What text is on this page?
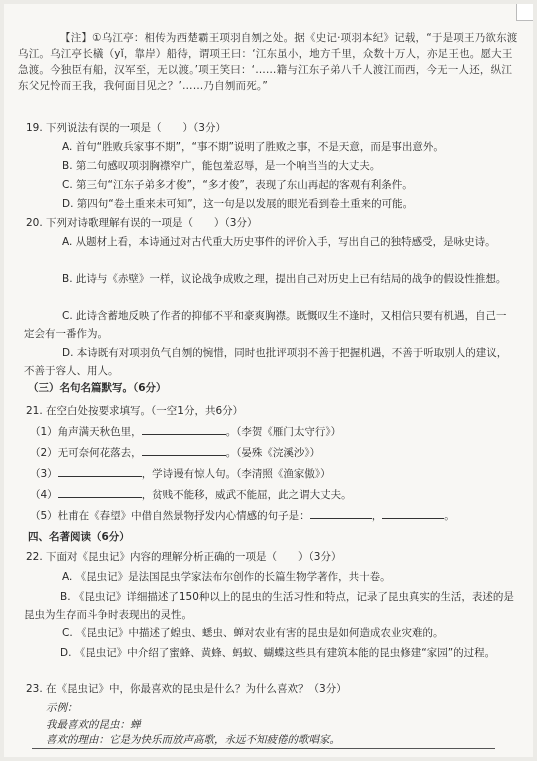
【注】①乌江亭：相传为西楚霸王项羽自刎之处。据《史记·项羽本纪》记载，“于是项王乃欲东渡乌江。乌江亭长檥（yǐ，靠岸）船待，谓项王曰：‘江东虽小，地方千里，众数十万人，亦足王也。愿大王急渡。今独臣有船，汉军至，无以渡。’项王笑曰：‘……籍与江东子弟八千人渡江而西，今无一人还，纵江东父兄怜而王我，我何面目见之？’……乃自刎而死。”
19. 下列说法有误的一项是（　　）（3分）
A. 首句“胜败兵家事不期”，“事不期”说明了胜败之事，不是天意，而是事出意外。
B. 第二句感叹项羽胸襟窄广，能包羞忍辱，是一个响当当的大丈夫。
C. 第三句“江东子弟多才俊”，“多才俊”，表现了东山再起的客观有利条件。
D. 第四句“卷土重来未可知”，这一句是以发展的眼光看到卷土重来的可能。
20. 下列对诗歌理解有误的一项是（　　）（3分）
A. 从题材上看，本诗通过对古代重大历史事件的评价入手，写出自己的独特感受，是咏史诗。
B. 此诗与《赤壁》一样，议论战争成败之理，提出自己对历史上已有结局的战争的假设性推想。
C. 此诗含蓄地反映了作者的抑郁不平和豪爽胸襟。既慨叹生不逢时，又相信只要有机遇，自己一定会有一番作为。
D. 本诗既有对项羽负气自刎的惋惜，同时也批评项羽不善于把握机遇，不善于听取别人的建议，不善于容人、用人。
（三）名句名篇默写。（6分）
21. 在空白处按要求填写。（一空1分，共6分）
（1）角声满天秋色里，	。（李贺《雁门太守行》）
（2）无可奈何花落去，	。（晏殊《浣溪沙》）
（3）	，学诗谩有惊人句。（李清照《渔家傲》）
（4）	，贫贱不能移，威武不能屈，此之谓大丈夫。
（5）杜甫在《春望》中借自然景物抒发内心情感的句子是：	，	。
四、名著阅读（6分）
22. 下面对《昆虫记》内容的理解分析正确的一项是（　　）（3分）
A. 《昆虫记》是法国昆虫学家法布尔创作的长篇生物学著作，共十卷。
B. 《昆虫记》详细描述了150种以上的昆虫的生活习性和特点，记录了昆虫真实的生活，表述的是昆虫为生存而斗争时表现出的灵性。
C. 《昆虫记》中描述了蝗虫、蟋虫、蝉对农业有害的昆虫是如何造成农业灾难的。
D. 《昆虫记》中介绍了蜜蜂、黄蜂、蚂蚁、蝴蝶这些具有建筑本能的昆虫修建“家园”的过程。
23. 在《昆虫记》中，你最喜欢的昆虫是什么？为什么喜欢？（3分）
示例：
我最喜欢的昆虫：蝉
喜欢的理由：它是为快乐而放声高歌，永远不知疲倦的歌唱家。
